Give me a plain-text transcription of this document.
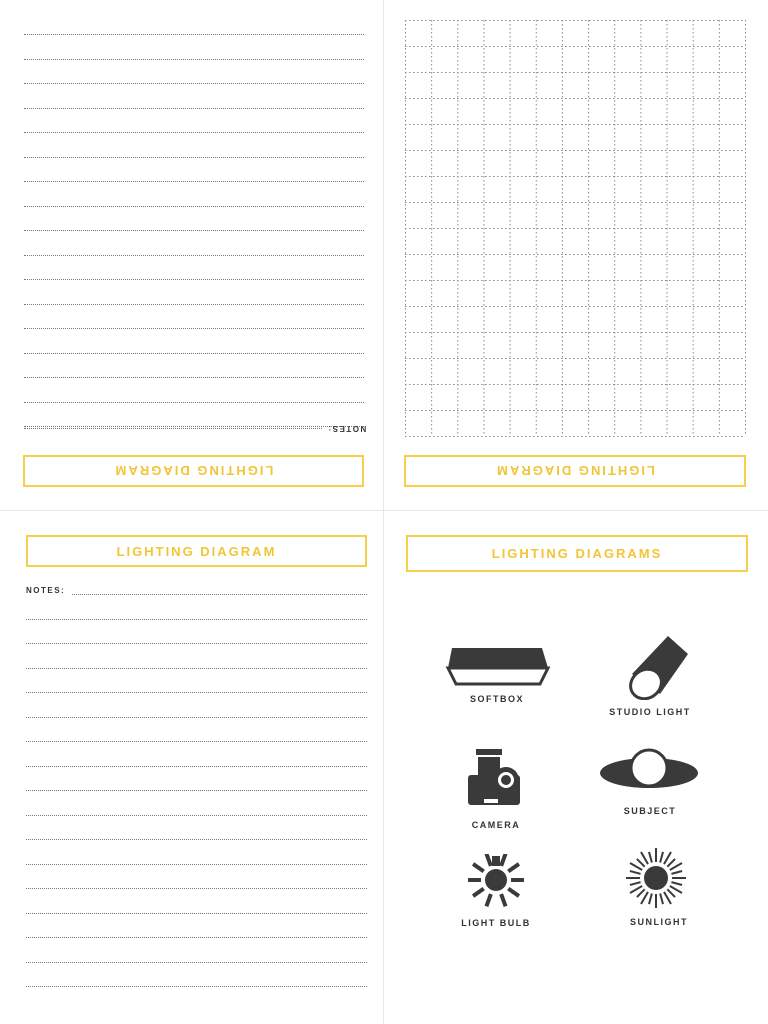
NOTES:
LIGHTING DIAGRAM	LIGHTING DIAGRAM
LIGHTING DIAGRAM
NOTES:
LIGHTING DIAGRAMS
SOFTBOX
STUDIO LIGHT
CAMERA
SUBJECT
LIGHT BULB	SUNLIGHT
